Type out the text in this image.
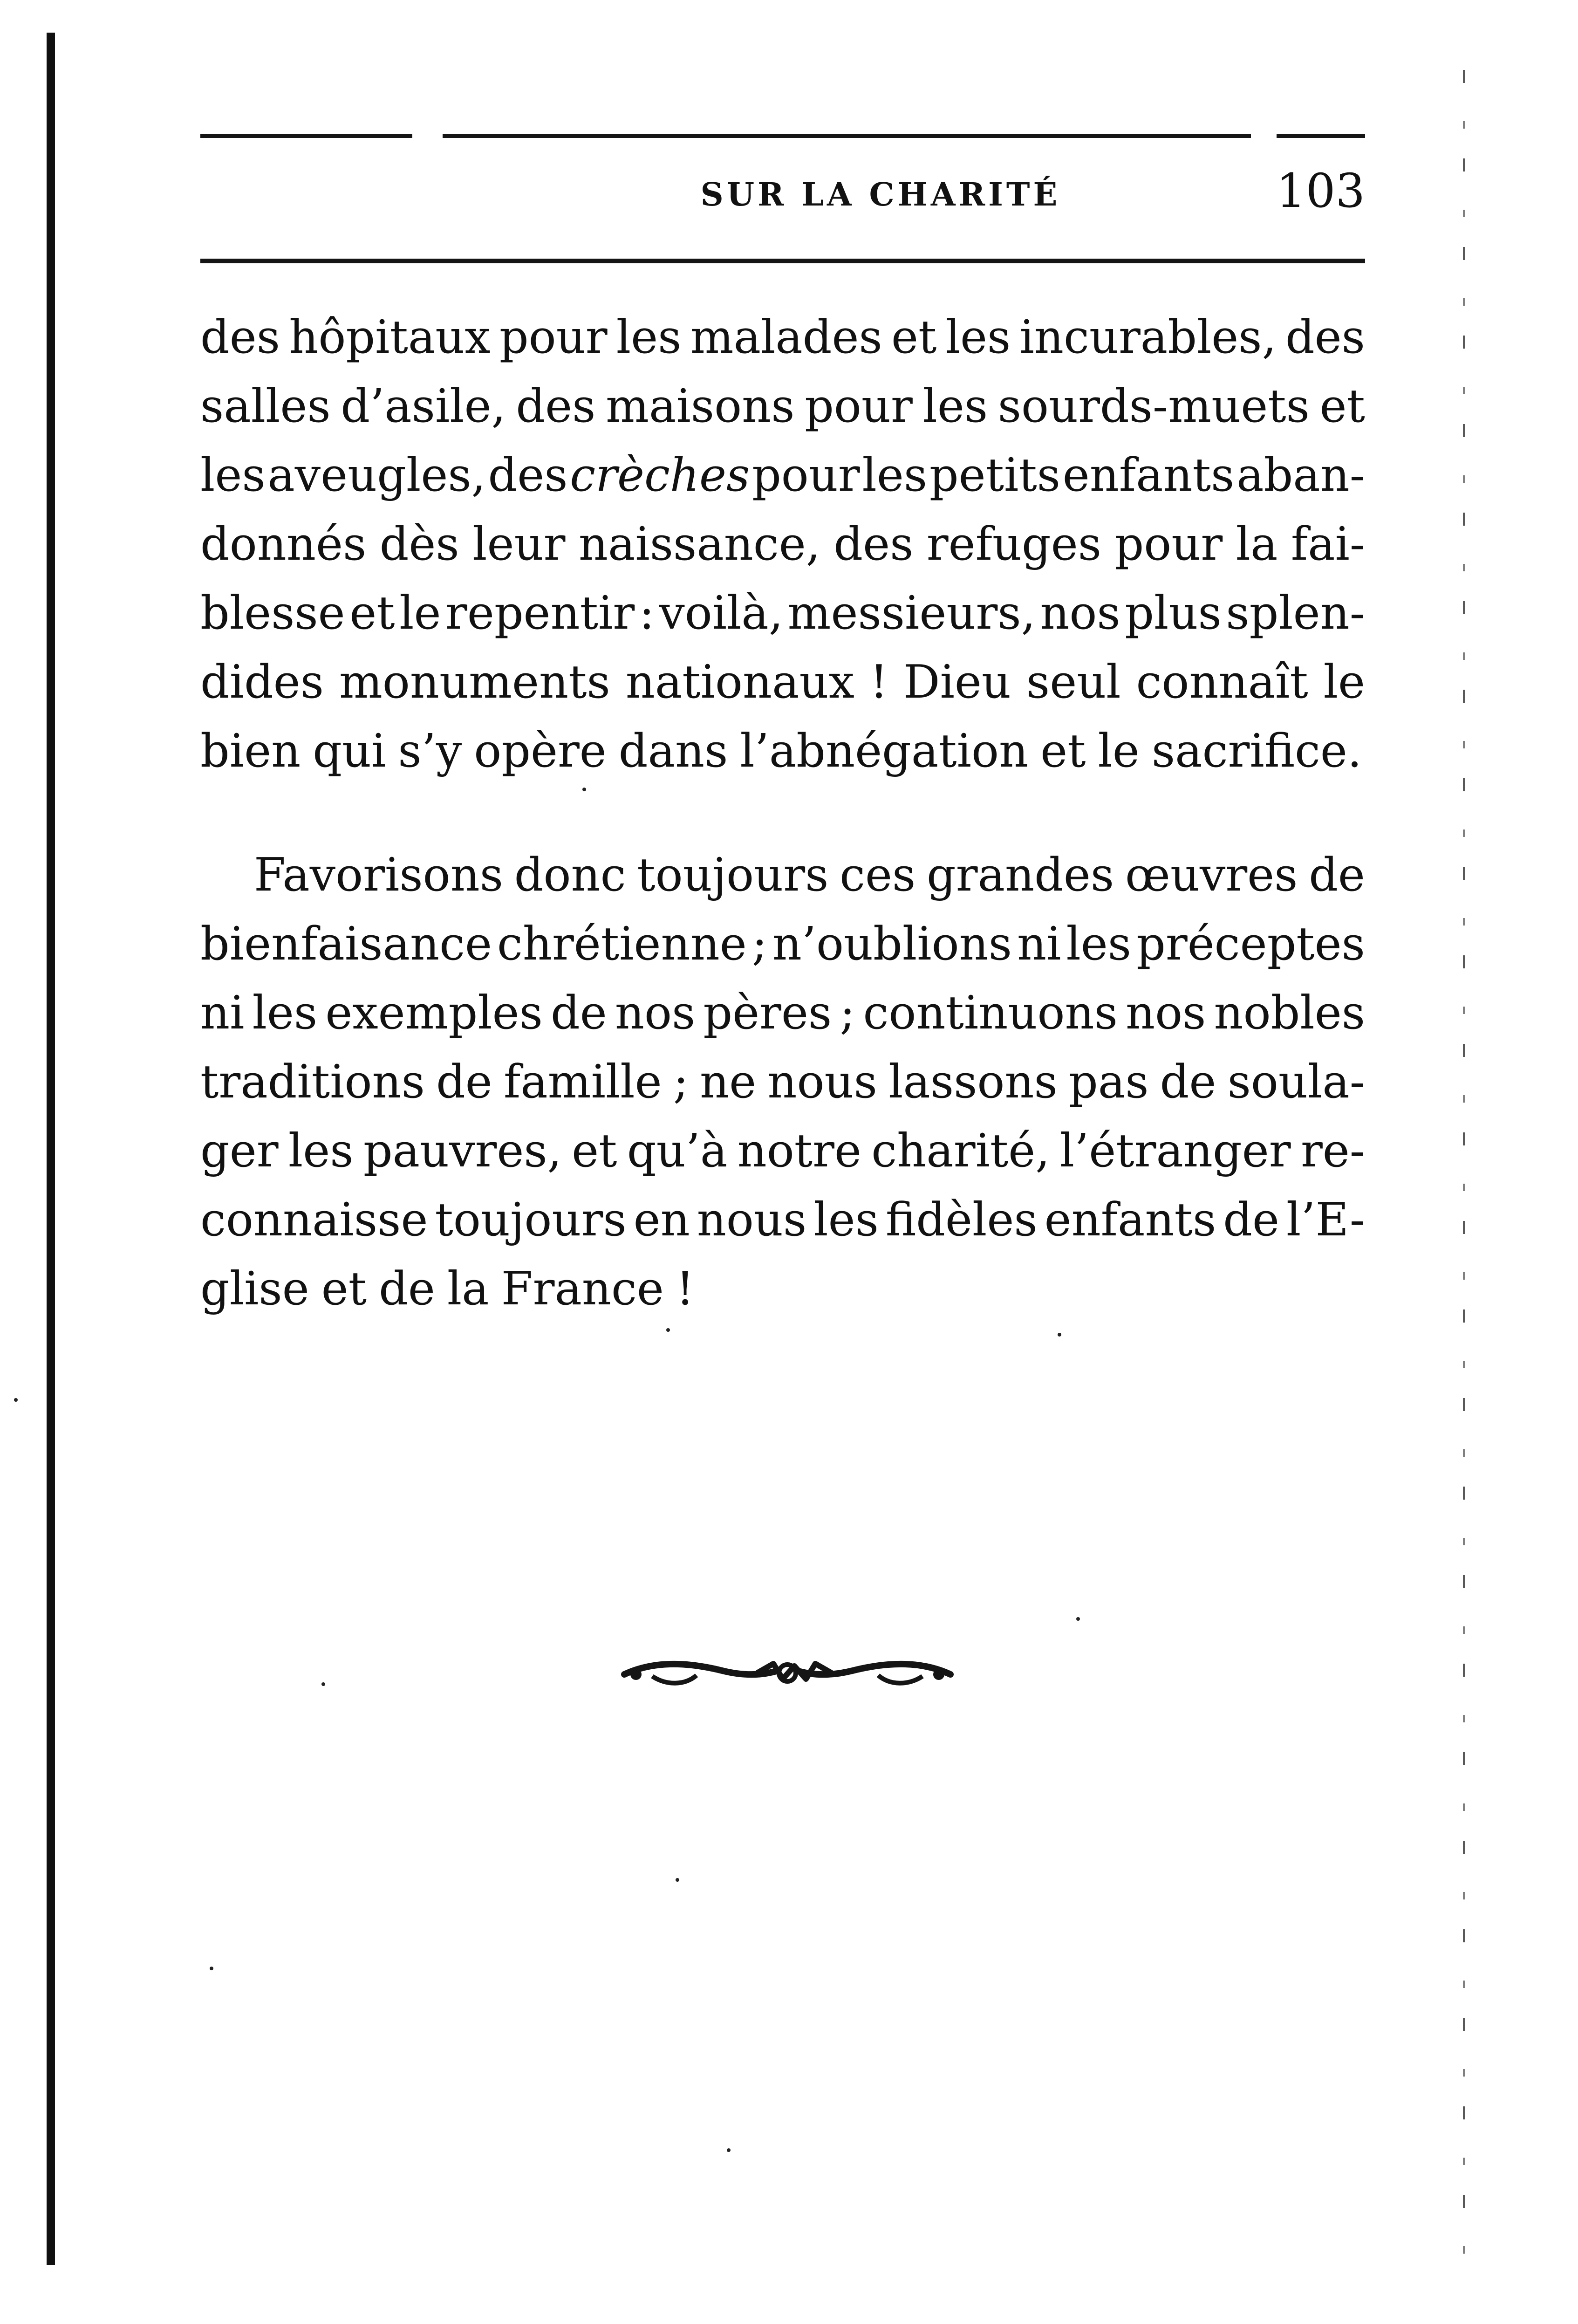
SUR LA CHARITÉ	103
des hôpitaux pour les malades et les incurables, des
salles d’asile, des maisons pour les sourds-muets et
les aveugles, des crèches pour les petits enfants aban-
donnés dès leur naissance, des refuges pour la fai-
blesse et le repentir : voilà, messieurs, nos plus splen-
dides monuments nationaux ! Dieu seul connaît le
bien qui s’y opère dans l’abnégation et le sacrifice.
Favorisons donc toujours ces grandes œuvres de
bienfaisance chrétienne ; n’oublions ni les préceptes
ni les exemples de nos pères ; continuons nos nobles
traditions de famille ; ne nous lassons pas de soula-
ger les pauvres, et qu’à notre charité, l’étranger re-
connaisse toujours en nous les fidèles enfants de l’E-
glise et de la France !
